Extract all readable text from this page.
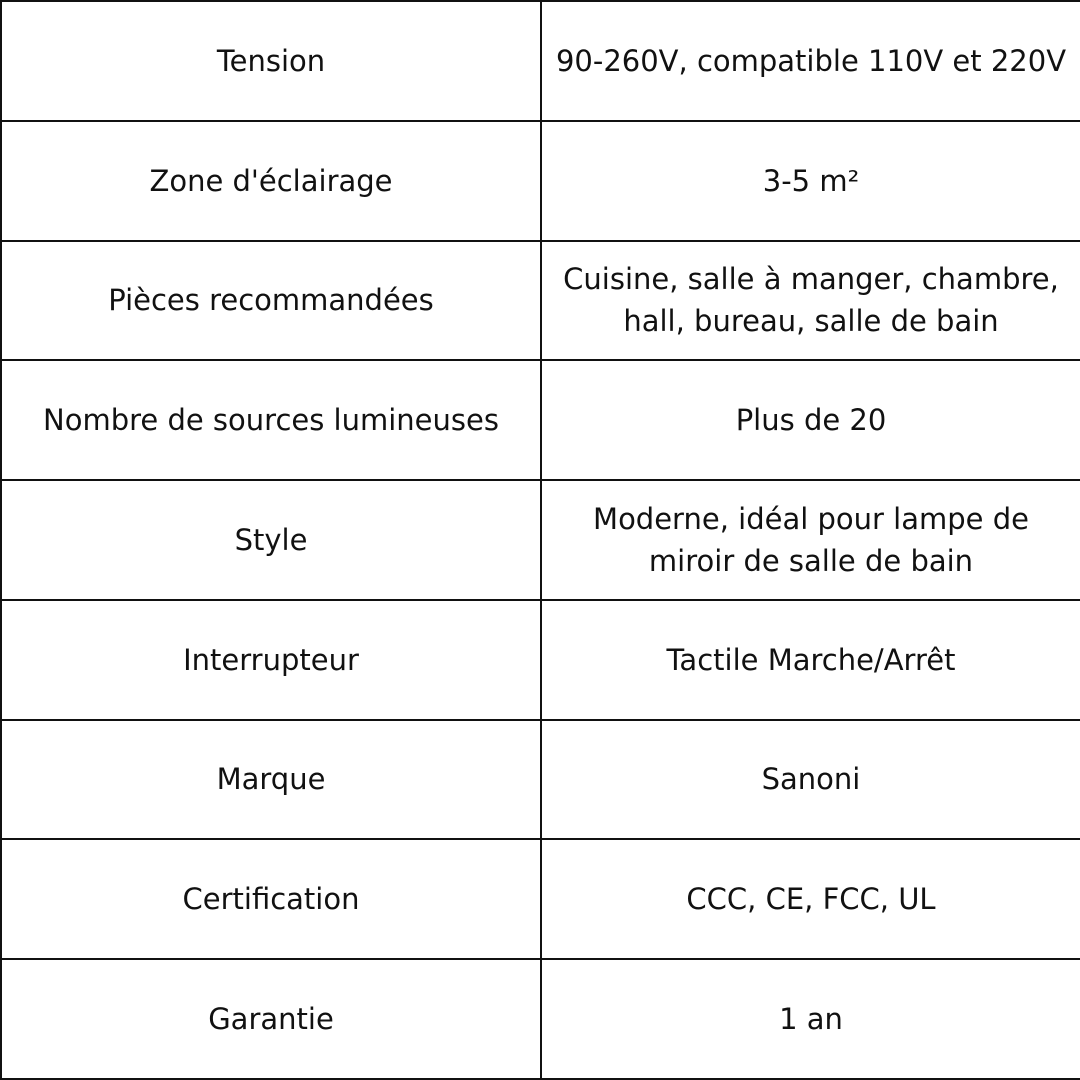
Tension	90-260V, compatible 110V et 220V
Zone d'éclairage	3-5 m²
Pièces recommandées	Cuisine, salle à manger, chambre, hall, bureau, salle de bain
Nombre de sources lumineuses	Plus de 20
Style	Moderne, idéal pour lampe de miroir de salle de bain
Interrupteur	Tactile Marche/Arrêt
Marque	Sanoni
Certification	CCC, CE, FCC, UL
Garantie	1 an
